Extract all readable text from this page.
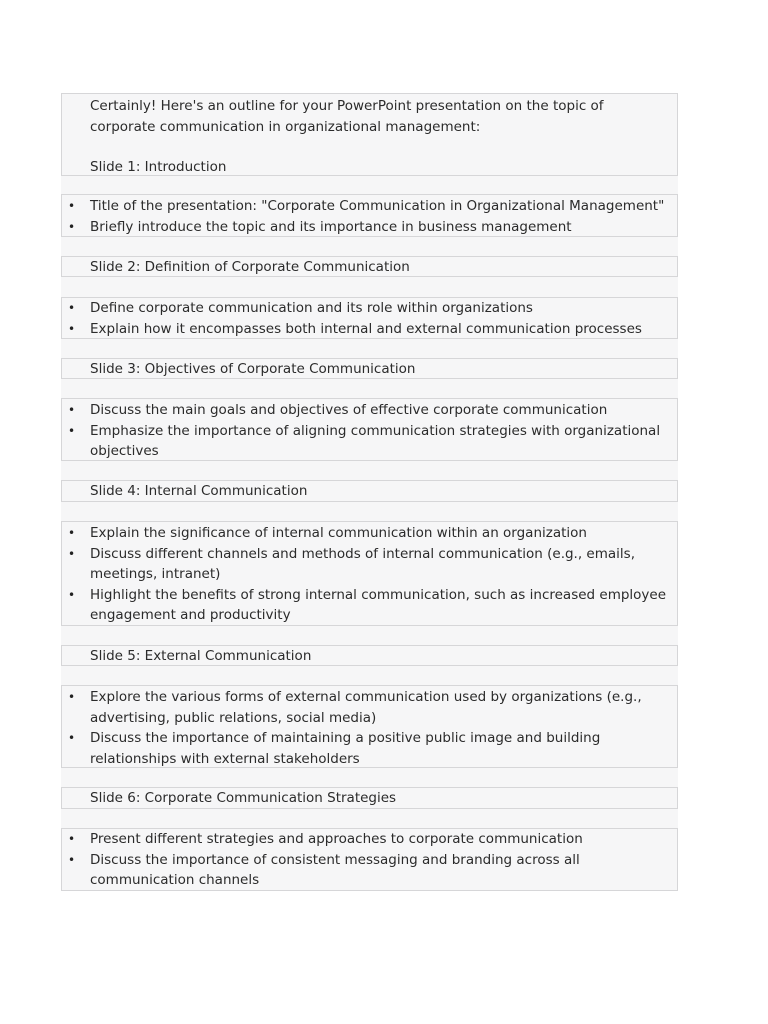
Certainly! Here's an outline for your PowerPoint presentation on the topic of corporate communication in organizational management:
Slide 1: Introduction
• Title of the presentation: "Corporate Communication in Organizational Management"
• Briefly introduce the topic and its importance in business management
Slide 2: Definition of Corporate Communication
• Define corporate communication and its role within organizations
• Explain how it encompasses both internal and external communication processes
Slide 3: Objectives of Corporate Communication
• Discuss the main goals and objectives of effective corporate communication
• Emphasize the importance of aligning communication strategies with organizational objectives
Slide 4: Internal Communication
• Explain the significance of internal communication within an organization
• Discuss different channels and methods of internal communication (e.g., emails, meetings, intranet)
• Highlight the benefits of strong internal communication, such as increased employee engagement and productivity
Slide 5: External Communication
• Explore the various forms of external communication used by organizations (e.g., advertising, public relations, social media)
• Discuss the importance of maintaining a positive public image and building relationships with external stakeholders
Slide 6: Corporate Communication Strategies
• Present different strategies and approaches to corporate communication
• Discuss the importance of consistent messaging and branding across all communication channels
